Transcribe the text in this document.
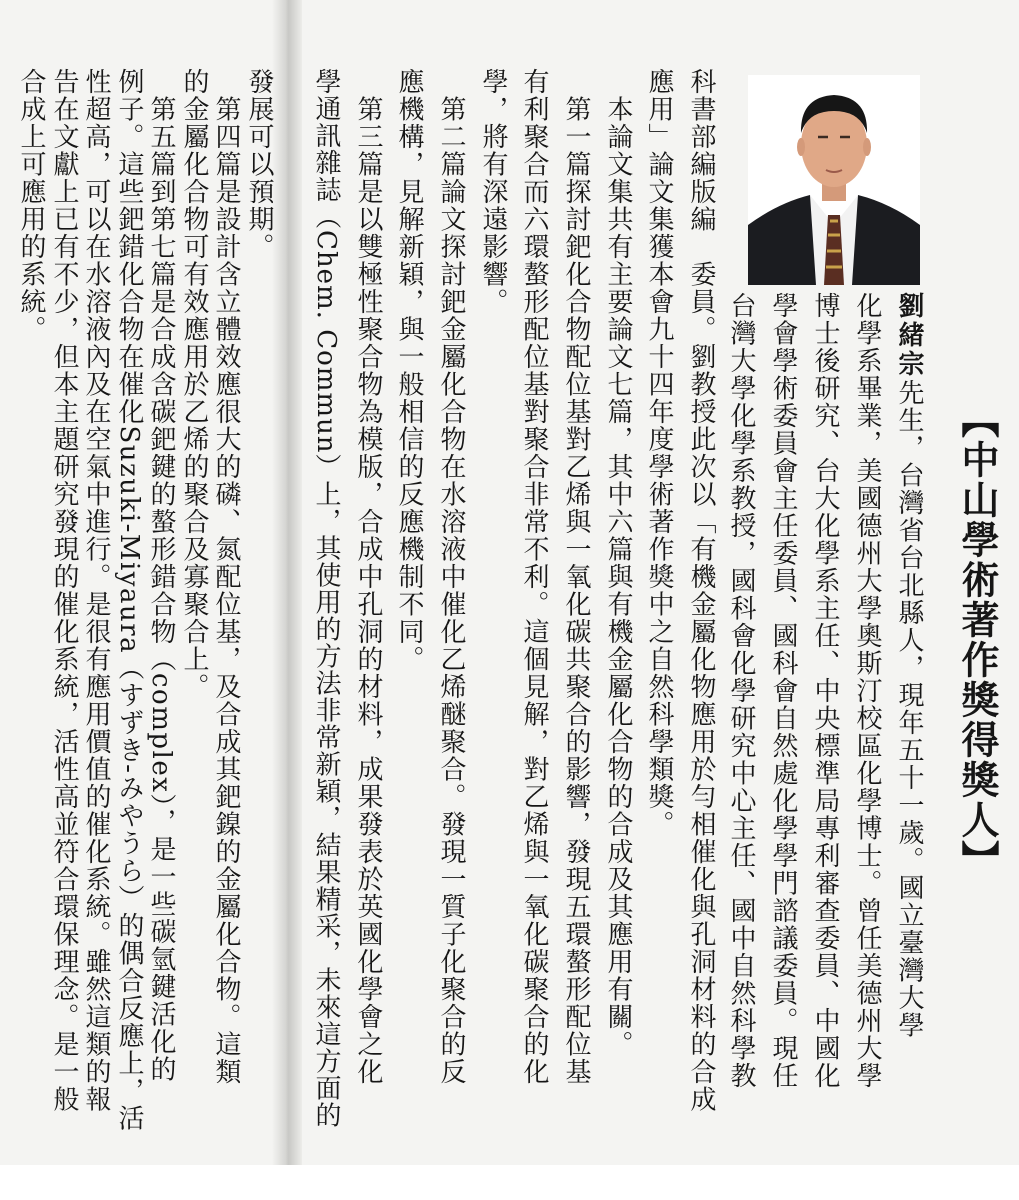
【中山學術著作獎得獎人】
劉緒宗先生，台灣省台北縣人，現年五十一歲。國立臺灣大學
化學系畢業，美國德州大學奧斯汀校區化學博士。曾任美德州大學
博士後研究、台大化學系主任、中央標準局專利審查委員、中國化
學會學術委員會主任委員、國科會自然處化學學門諮議委員。現任
台灣大學化學系教授，國科會化學研究中心主任、國中自然科學教
科書部編版編　委員。劉教授此次以「有機金屬化物應用於勻相催化與孔洞材料的合成
應用」論文集獲本會九十四年度學術著作獎中之自然科學類獎。
　本論文集共有主要論文七篇，其中六篇與有機金屬化合物的合成及其應用有關。
　第一篇探討鈀化合物配位基對乙烯與一氧化碳共聚合的影響，發現五環螯形配位基
有利聚合而六環螯形配位基對聚合非常不利。這個見解，對乙烯與一氧化碳聚合的化
學，將有深遠影響。
　第二篇論文探討鈀金屬化合物在水溶液中催化乙烯醚聚合。發現一質子化聚合的反
應機構，見解新穎，與一般相信的反應機制不同。
　第三篇是以雙極性聚合物為模版，合成中孔洞的材料，成果發表於英國化學會之化
學通訊雜誌（Chem. Commun）上，其使用的方法非常新穎，結果精采，未來這方面的
發展可以預期。
　第四篇是設計含立體效應很大的磷、氮配位基，及合成其鈀鎳的金屬化合物。這類
的金屬化合物可有效應用於乙烯的聚合及寡聚合上。
　第五篇到第七篇是合成含碳鈀鍵的螯形錯合物（complex），是一些碳氫鍵活化的
例子。這些鈀錯化合物在催化Suzuki-Miyaura（すずき-みやうら）的偶合反應上，活
性超高，可以在水溶液內及在空氣中進行。是很有應用價值的催化系統。雖然這類的報
告在文獻上已有不少，但本主題研究發現的催化系統，活性高並符合環保理念。是一般
合成上可應用的系統。
